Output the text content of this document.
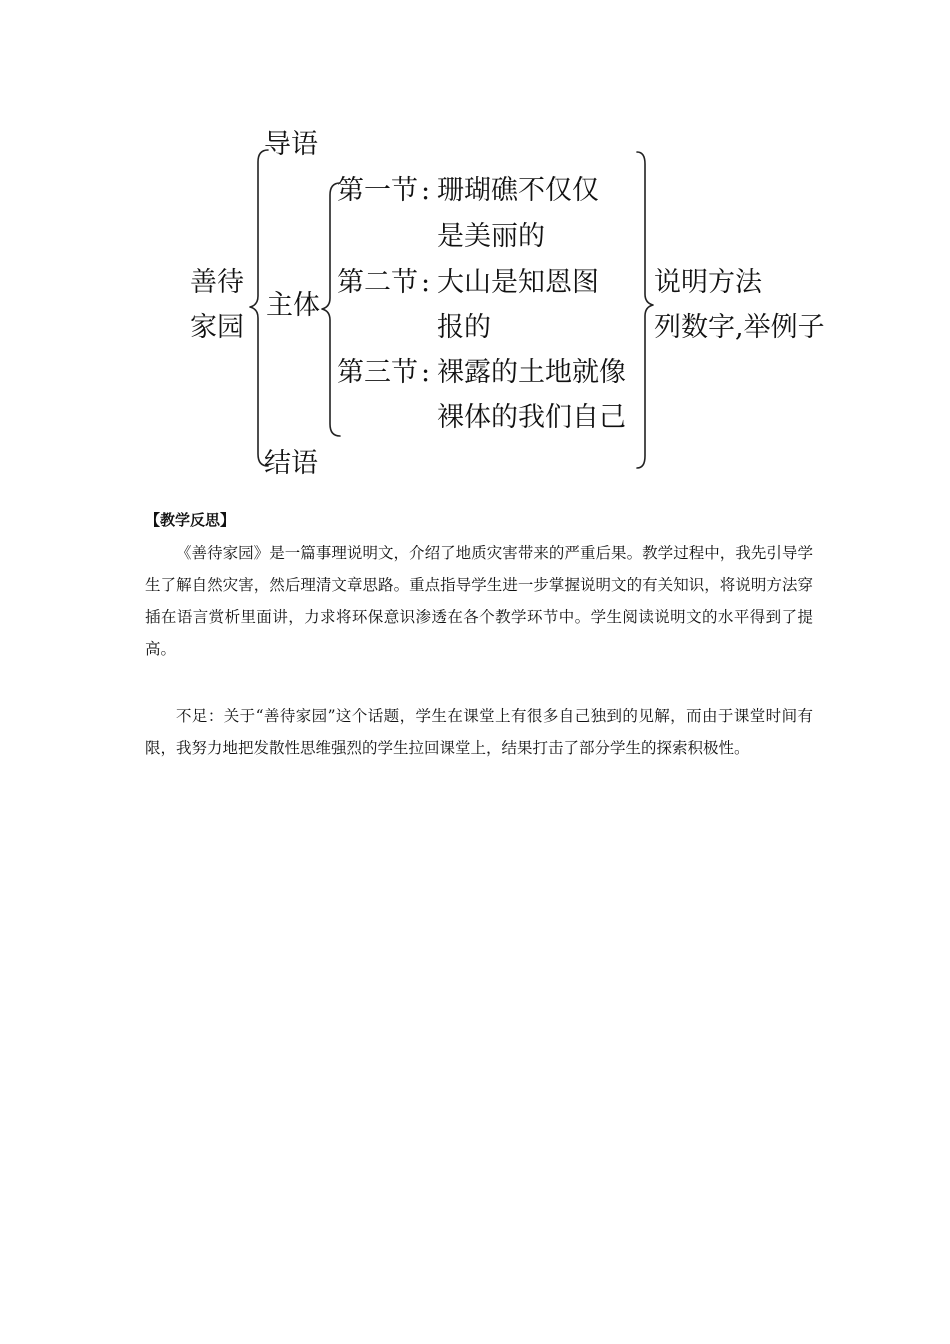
善待
家园
导语
主体
结语
第一节 : 珊瑚礁不仅仅
是美丽的
第二节 : 大山是知恩图
报的
第三节 : 裸露的土地就像
裸体的我们自己
说明方法
列数字,举例子
【教学反思】

《善待家园》是一篇事理说明文，介绍了地质灾害带来的严重后果。教学过程中，我先引导学生了解自然灾害，然后理清文章思路。重点指导学生进一步掌握说明文的有关知识，将说明方法穿插在语言赏析里面讲，力求将环保意识渗透在各个教学环节中。学生阅读说明文的水平得到了提高。

不足：关于“善待家园”这个话题，学生在课堂上有很多自己独到的见解，而由于课堂时间有限，我努力地把发散性思维强烈的学生拉回课堂上，结果打击了部分学生的探索积极性。
